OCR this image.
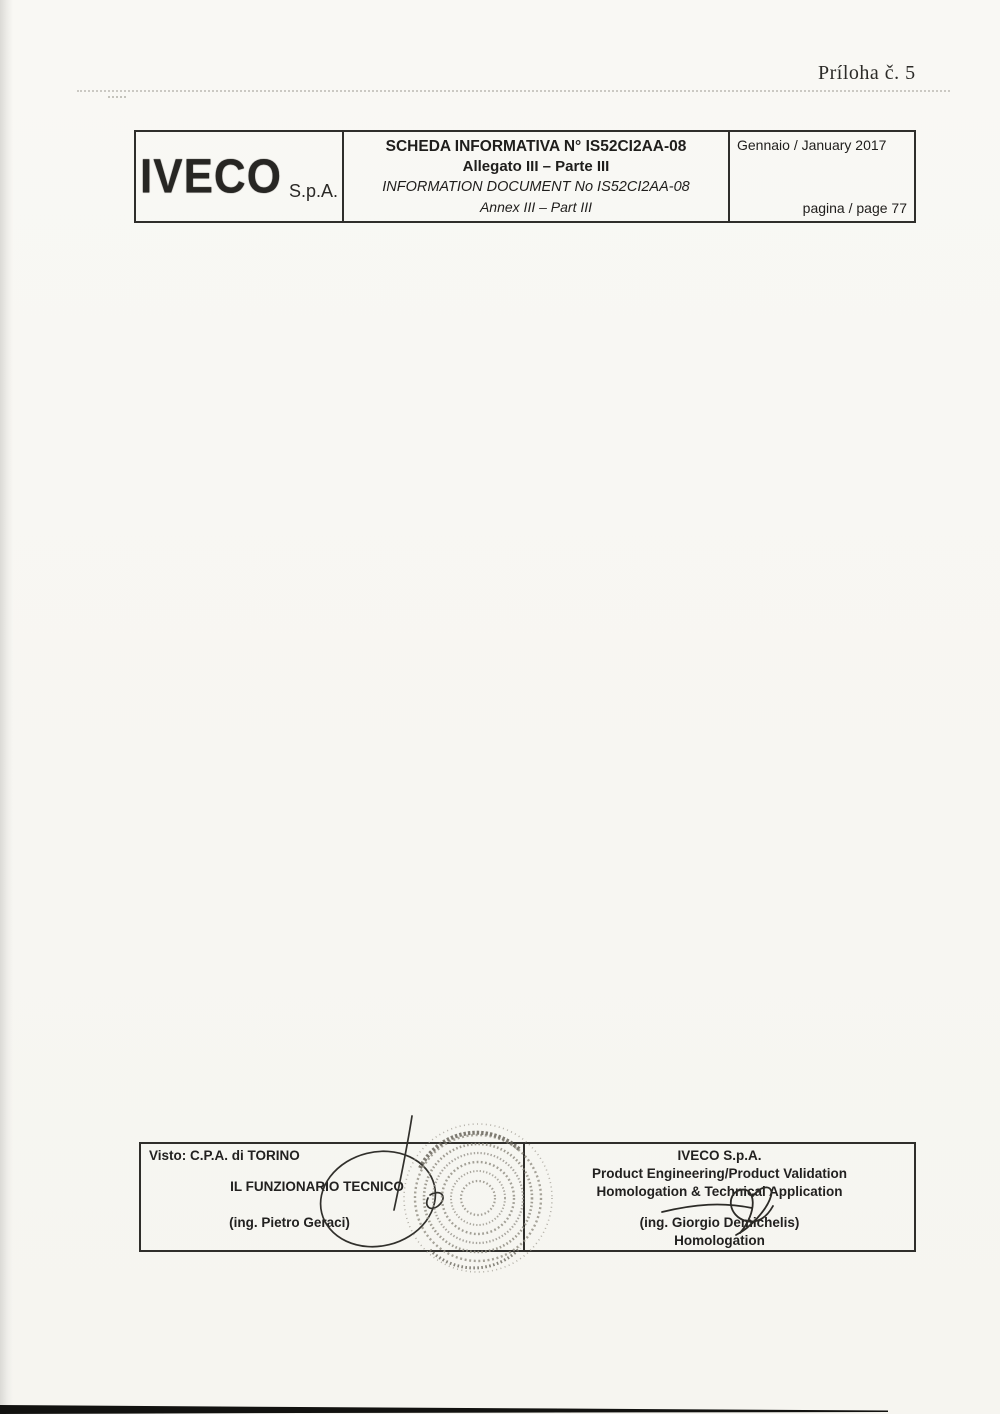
Príloha č. 5
IVECO S.p.A.
SCHEDA INFORMATIVA N° IS52CI2AA-08
Allegato III – Parte III
INFORMATION DOCUMENT No IS52CI2AA-08
Annex III – Part III
Gennaio / January 2017
pagina / page 77
Visto: C.P.A. di TORINO
IL FUNZIONARIO TECNICO
(ing. Pietro Geraci)
IVECO S.p.A.
Product Engineering/Product Validation
Homologation & Technical Application
(ing. Giorgio Demichelis)
Homologation
